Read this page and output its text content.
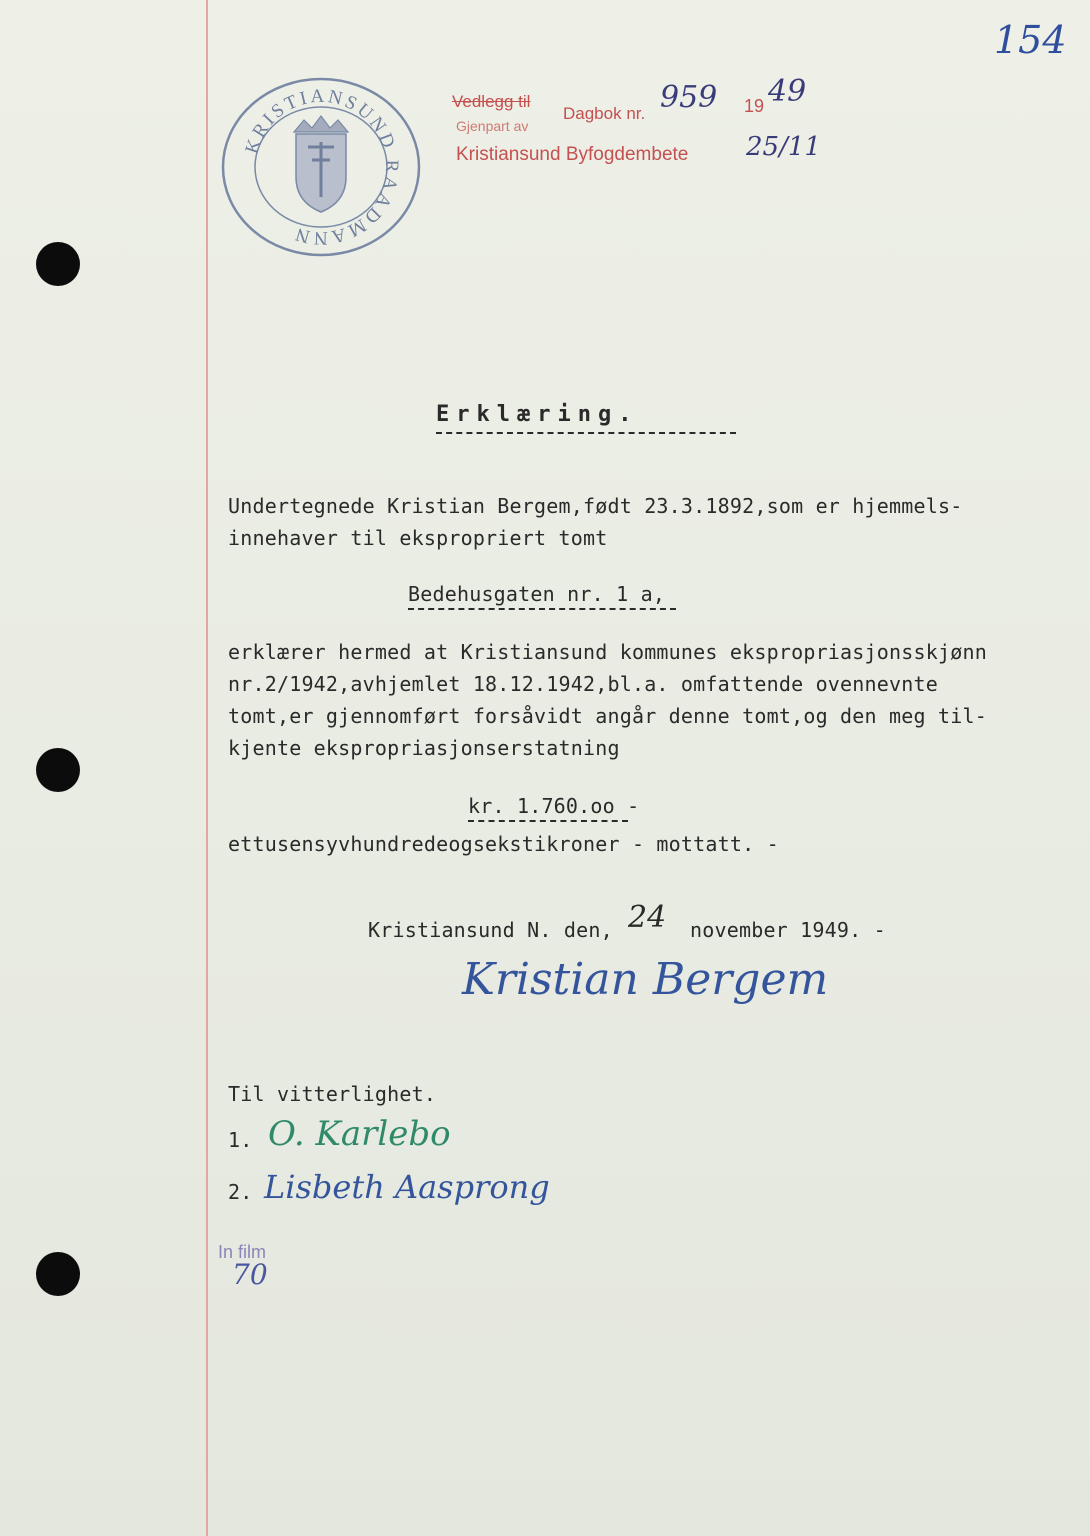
154
KRISTIANSUND RAADMANN
Vedlegg til
Dagbok nr. 959 19 49
Gjenpart av
Kristiansund Byfogdembete 25/11
Erklæring.
Undertegnede Kristian Bergem,født 23.3.1892,som er hjemmels-
innehaver til ekspropriert tomt
Bedehusgaten nr. 1 a,
erklærer hermed at Kristiansund kommunes ekspropriasjonsskjønn
nr.2/1942,avhjemlet 18.12.1942,bl.a. omfattende ovennevnte
tomt,er gjennomført forsåvidt angår denne tomt,og den meg til-
kjente ekspropriasjonserstatning
kr. 1.760.oo -
ettusensyvhundredeogsekstikroner - mottatt. -
Kristiansund N. den, 24 november 1949. -
Kristian Bergem
Til vitterlighet.
1. O. Karlebo
2. Lisbeth Aasprong
In film
70
